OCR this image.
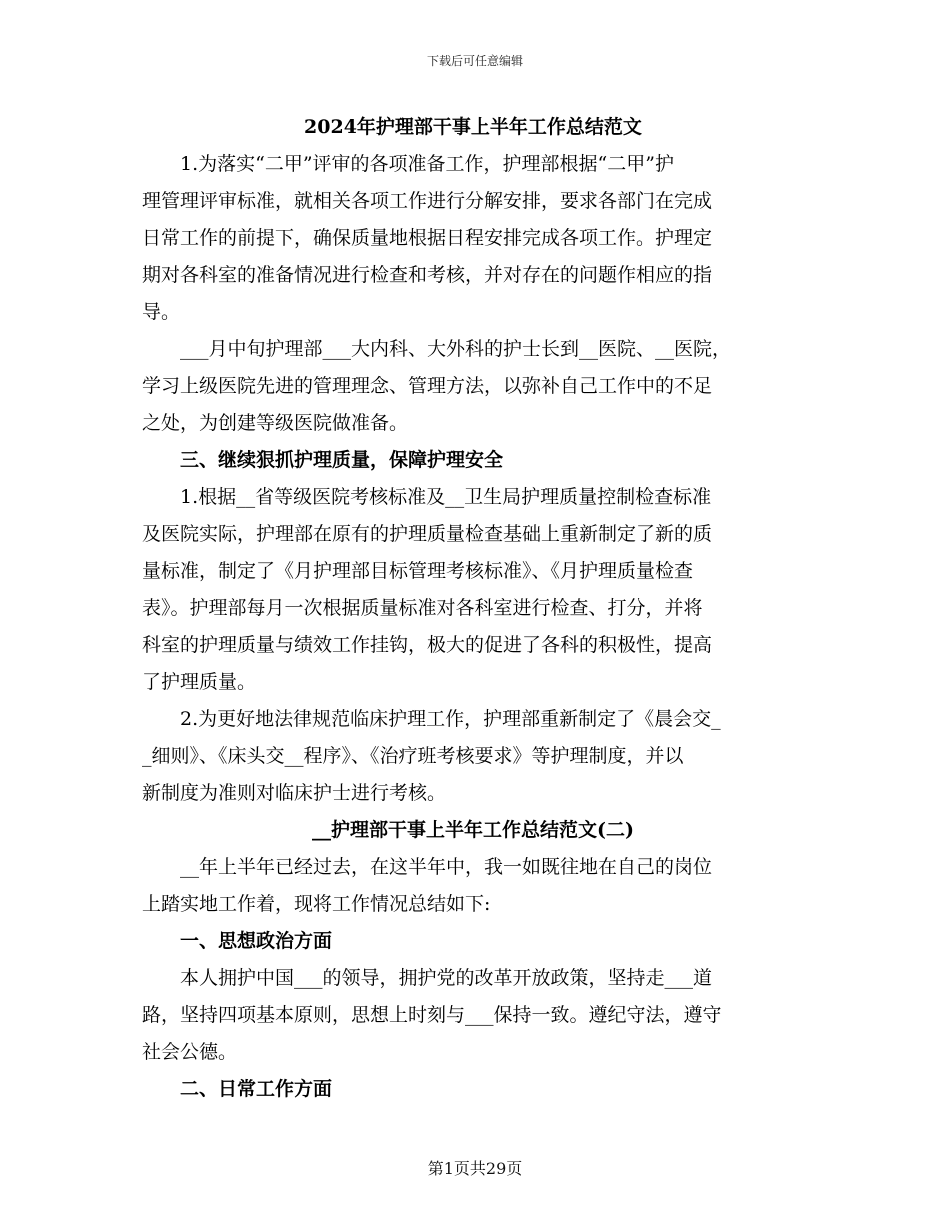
下载后可任意编辑
2024年护理部干事上半年工作总结范文
1.为落实“二甲”评审的各项准备工作，护理部根据“二甲”护
理管理评审标准，就相关各项工作进行分解安排，要求各部门在完成
日常工作的前提下，确保质量地根据日程安排完成各项工作。护理定
期对各科室的准备情况进行检查和考核，并对存在的问题作相应的指
导。
___月中旬护理部___大内科、大外科的护士长到__医院、__医院，
学习上级医院先进的管理理念、管理方法，以弥补自己工作中的不足
之处，为创建等级医院做准备。
三、继续狠抓护理质量，保障护理安全
1.根据__省等级医院考核标准及__卫生局护理质量控制检查标准
及医院实际，护理部在原有的护理质量检查基础上重新制定了新的质
量标准，制定了《月护理部目标管理考核标准》、《月护理质量检查
表》。护理部每月一次根据质量标准对各科室进行检查、打分，并将
科室的护理质量与绩效工作挂钩，极大的促进了各科的积极性，提高
了护理质量。
2.为更好地法律规范临床护理工作，护理部重新制定了《晨会交_
_细则》、《床头交__程序》、《治疗班考核要求》等护理制度，并以
新制度为准则对临床护士进行考核。
__护理部干事上半年工作总结范文(二)
__年上半年已经过去，在这半年中，我一如既往地在自己的岗位
上踏实地工作着，现将工作情况总结如下:
一、思想政治方面
本人拥护中国___的领导，拥护党的改革开放政策，坚持走___道
路，坚持四项基本原则，思想上时刻与___保持一致。遵纪守法，遵守
社会公德。
二、日常工作方面
第1页共29页
